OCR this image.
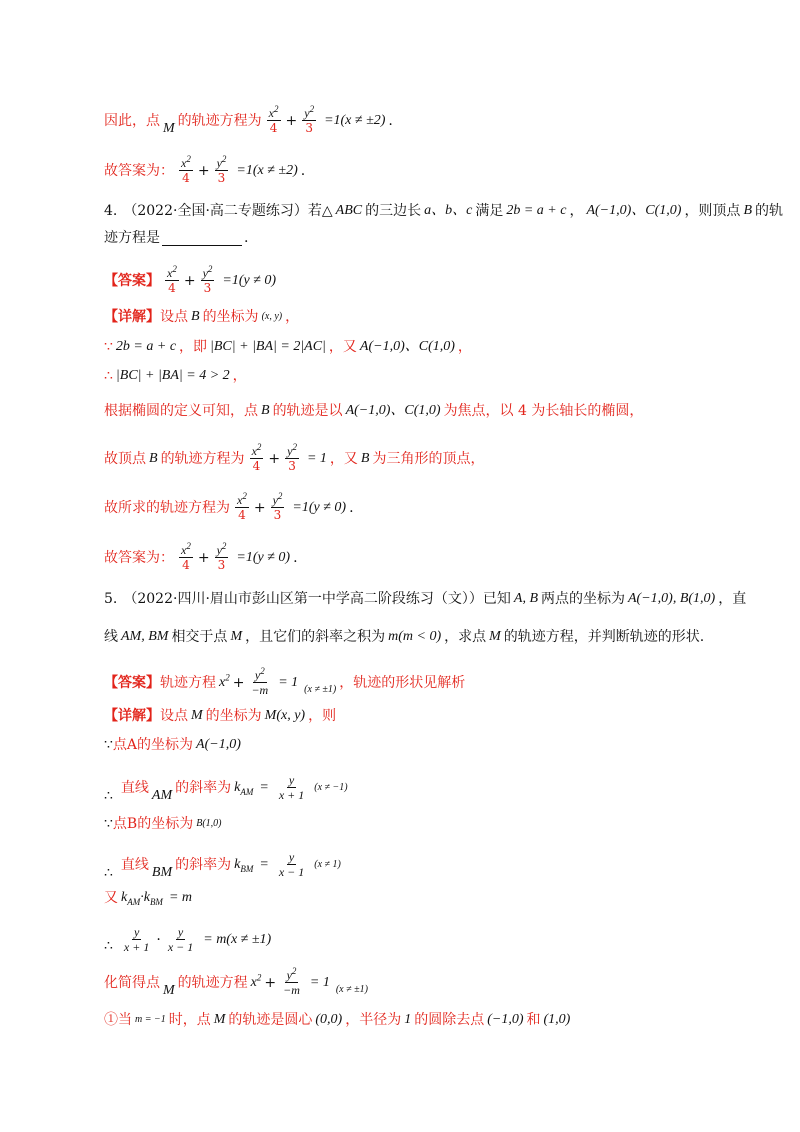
因此，点 M 的轨迹方程为 $\frac{x^2}{4} + \frac{y^2}{3} =1(x \ne \pm 2)$ .
故答案为： $\frac{x^2}{4} + \frac{y^2}{3} =1(x \ne \pm 2)$ .
4. （2022·全国·高二专题练习）若△ ABC 的三边长 a、b、c 满足 2b = a + c ， A(−1,0)、C(1,0) ，则顶点 B 的轨
迹方程是	.
【答案】 $\frac{x^2}{4} + \frac{y^2}{3} =1(y \ne 0)$
【详解】 设点 B 的坐标为 (x, y) ，
∵ 2b = a + c ，即 |BC| + |BA| = 2|AC| ，又 A(−1,0)、C(1,0) ，
∴ |BC| + |BA| = 4 > 2 ，
根据椭圆的定义可知，点 B 的轨迹是以 A(−1,0)、C(1,0) 为焦点，以 4 为长轴长的椭圆，
故顶点 B 的轨迹方程为 $\frac{x^2}{4} + \frac{y^2}{3} = 1$ ，又 B 为三角形的顶点，
故所求的轨迹方程为 $\frac{x^2}{4} + \frac{y^2}{3} =1(y \ne 0)$ .
故答案为： $\frac{x^2}{4} + \frac{y^2}{3} =1(y \ne 0)$ .
5. （2022·四川·眉山市彭山区第一中学高二阶段练习（文））已知 A, B 两点的坐标为 A(−1,0), B(1,0) ，直
线 AM, BM 相交于点 M ，且它们的斜率之积为 m(m < 0) ，求点 M 的轨迹方程，并判断轨迹的形状.
【答案】 轨迹方程 $x^2 + \frac{y^2}{-m} = 1$ (x ≠ ±1) ，轨迹的形状见解析
【详解】 设点 M 的坐标为 M(x, y) ，则
∵ 点A的坐标为 A(−1,0)
∴ 直线 AM 的斜率为 $k_{AM} = \frac{y}{x + 1} (x \ne -1)$
∵ 点B的坐标为 B(1,0)
∴ 直线 BM 的斜率为 $k_{BM} = \frac{y}{x - 1} (x \ne 1)$
又 $k_{AM}\cdot k_{BM} = m$
∴ $\frac{y}{x + 1} \cdot \frac{y}{x - 1} = m(x \ne \pm 1)$
化简得点 M 的轨迹方程 $x^2 + \frac{y^2}{-m} = 1$ (x ≠ ±1)
①当 m = −1 时，点 M 的轨迹是圆心 (0,0) ，半径为 1 的圆除去点 (−1,0) 和 (1,0)
